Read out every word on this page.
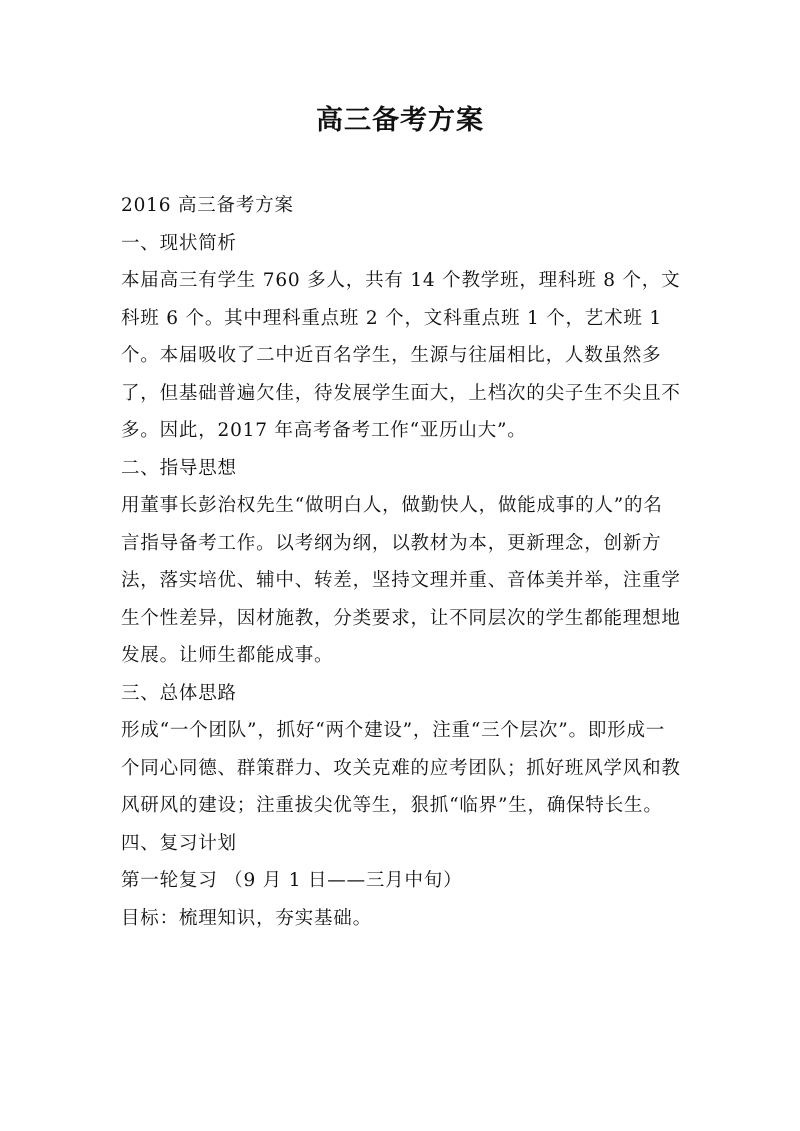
高三备考方案

2016 高三备考方案

一、现状简析

本届高三有学生 760 多人，共有 14 个教学班，理科班 8 个，文科班 6 个。其中理科重点班 2 个，文科重点班 1 个，艺术班 1 个。本届吸收了二中近百名学生，生源与往届相比，人数虽然多了，但基础普遍欠佳，待发展学生面大，上档次的尖子生不尖且不多。因此，2017 年高考备考工作“亚历山大”。

二、指导思想

用董事长彭治权先生“做明白人，做勤快人，做能成事的人”的名言指导备考工作。以考纲为纲，以教材为本，更新理念，创新方法，落实培优、辅中、转差，坚持文理并重、音体美并举，注重学生个性差异，因材施教，分类要求，让不同层次的学生都能理想地发展。让师生都能成事。

三、总体思路

形成“一个团队”，抓好“两个建设”，注重“三个层次”。即形成一个同心同德、群策群力、攻关克难的应考团队；抓好班风学风和教风研风的建设；注重拔尖优等生，狠抓“临界”生，确保特长生。

四、复习计划

第一轮复习 （9 月 1 日——三月中旬）

目标：梳理知识，夯实基础。
